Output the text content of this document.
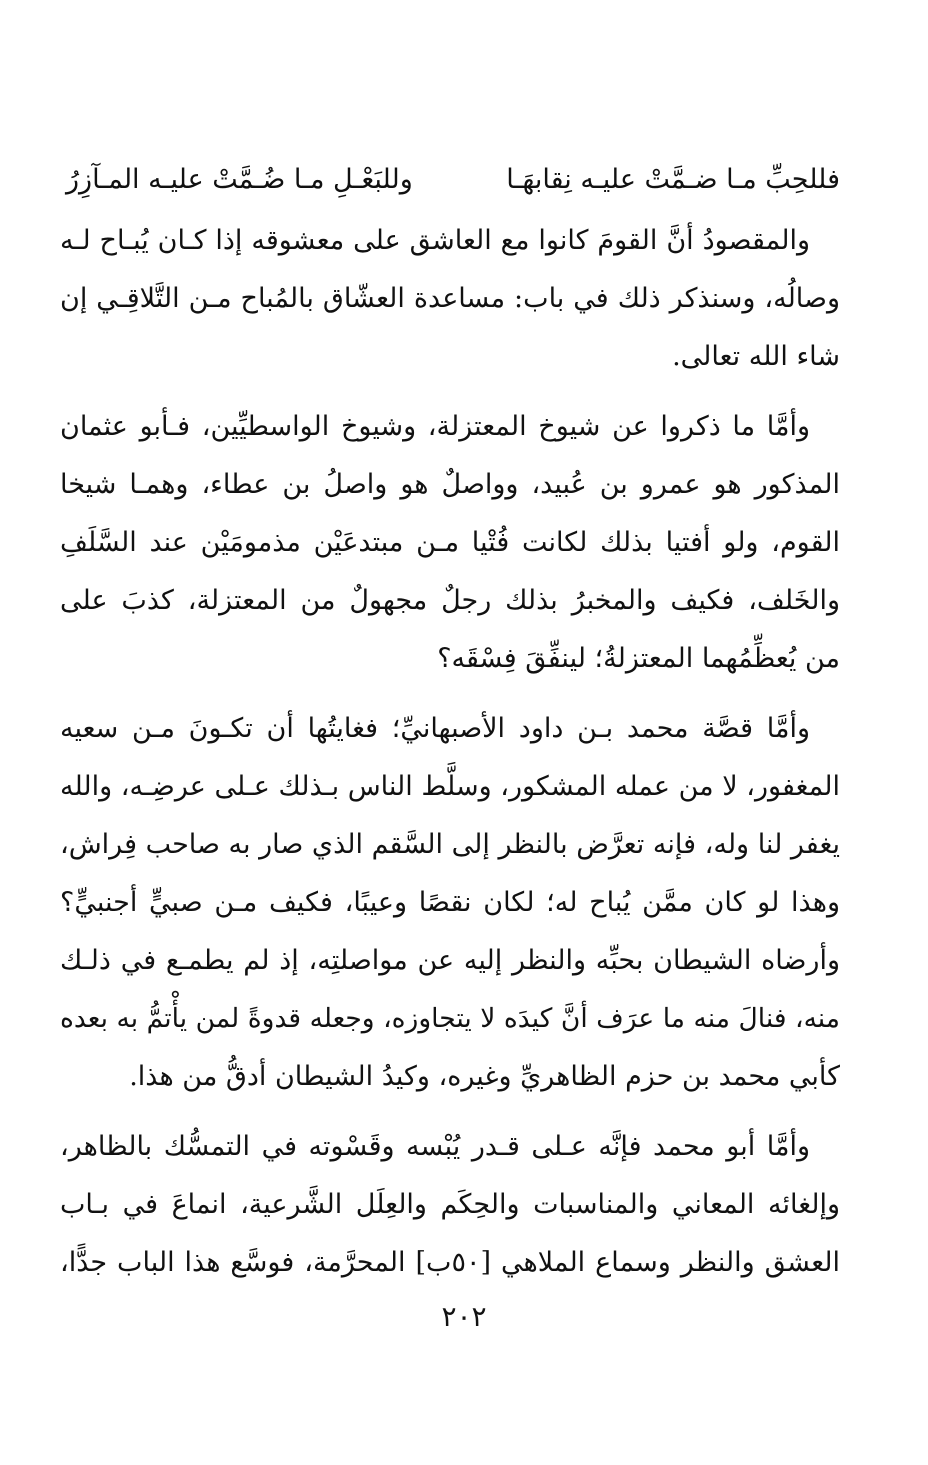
فللحِبِّ مـا ضـمَّتْ عليـه نِقابهَـا
وللبَعْـلِ مـا ضُـمَّتْ عليـه المـآزِرُ
والمقصودُ أنَّ القومَ كانوا مع العاشق على معشوقه إذا كـان يُبـاح لـه
وصالُه، وسنذكر ذلك في باب: مساعدة العشّاق بالمُباح مـن التَّلاقِـي إن
شاء الله تعالى.
وأمَّا ما ذكروا عن شيوخ المعتزلة، وشيوخ الواسطيِّين، فـأبو عثمان
المذكور هو عمرو بن عُبيد، وواصلٌ هو واصلُ بن عطاء، وهمـا شيخا
القوم، ولو أفتيا بذلك لكانت فُتْيا مـن مبتدعَيْن مذمومَيْن عند السَّلَفِ
والخَلف، فكيف والمخبرُ بذلك رجلٌ مجهولٌ من المعتزلة، كذبَ على
من يُعظِّمُهما المعتزلةُ؛ لينفِّقَ فِسْقَه؟
وأمَّا قصَّة محمد بـن داود الأصبهانيِّ؛ فغايتُها أن تكـونَ مـن سعيه
المغفور، لا من عمله المشكور، وسلَّط الناس بـذلك عـلى عرضِـه، والله
يغفر لنا وله، فإنه تعرَّض بالنظر إلى السَّقم الذي صار به صاحب فِراش،
وهذا لو كان ممَّن يُباح له؛ لكان نقصًا وعيبًا، فكيف مـن صبيٍّ أجنبيٍّ؟
وأرضاه الشيطان بحبِّه والنظر إليه عن مواصلتِه، إذ لم يطمـع في ذلـك
منه، فنالَ منه ما عرَف أنَّ كيدَه لا يتجاوزه، وجعله قدوةً لمن يأْتمُّ به بعده
كأبي محمد بن حزم الظاهريِّ وغيره، وكيدُ الشيطان أدقُّ من هذا.
وأمَّا أبو محمد فإنَّه عـلى قـدر يُبْسه وقَسْوته في التمسُّك بالظاهر،
وإلغائه المعاني والمناسبات والحِكَم والعِلَل الشَّرعية، انماعَ في بـاب
العشق والنظر وسماع الملاهي [٥٠ب] المحرَّمة، فوسَّع هذا الباب جدًّا،
٢٠٢
